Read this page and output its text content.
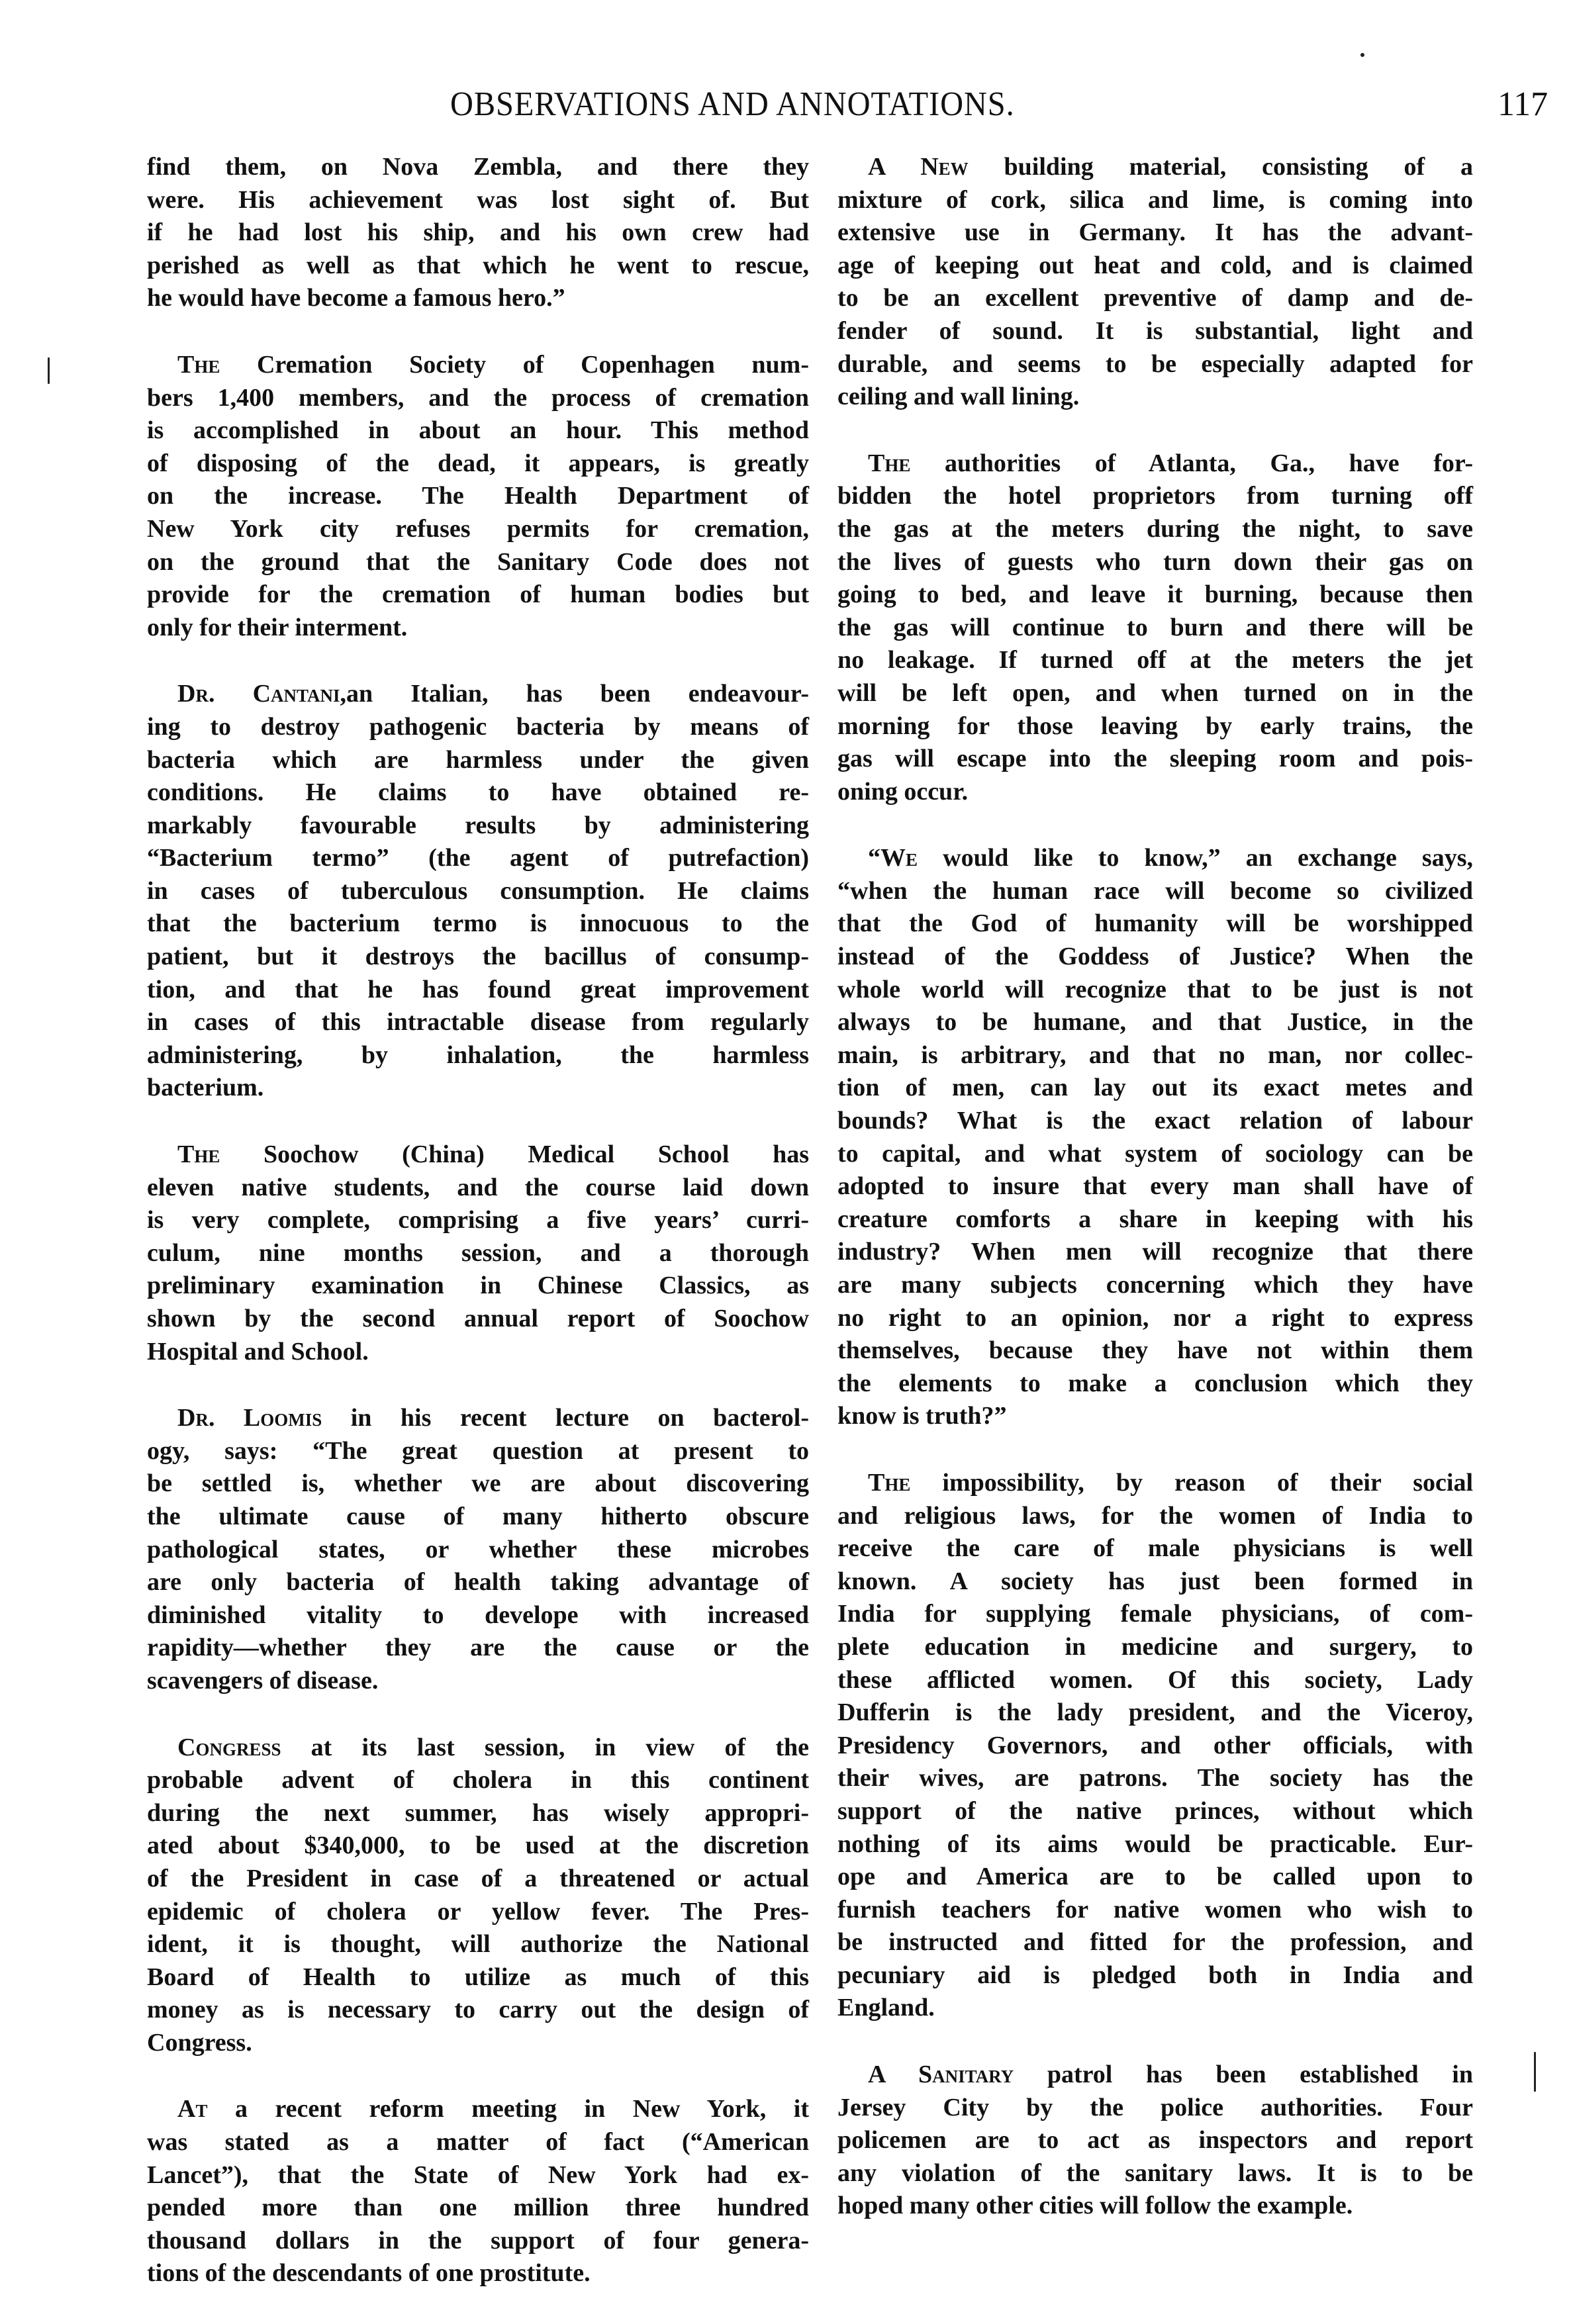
OBSERVATIONS AND ANNOTATIONS.	117
find them, on Nova Zembla, and there they
were. His achievement was lost sight of. But
if he had lost his ship, and his own crew had
perished as well as that which he went to rescue,
he would have become a famous hero.”
The Cremation Society of Copenhagen num-
bers 1,400 members, and the process of cremation
is accomplished in about an hour. This method
of disposing of the dead, it appears, is greatly
on the increase. The Health Department of
New York city refuses permits for cremation,
on the ground that the Sanitary Code does not
provide for the cremation of human bodies but
only for their interment.
Dr. Cantani,an Italian, has been endeavour-
ing to destroy pathogenic bacteria by means of
bacteria which are harmless under the given
conditions. He claims to have obtained re-
markably favourable results by administering
“Bacterium termo” (the agent of putrefaction)
in cases of tuberculous consumption. He claims
that the bacterium termo is innocuous to the
patient, but it destroys the bacillus of consump-
tion, and that he has found great improvement
in cases of this intractable disease from regularly
administering, by inhalation, the harmless
bacterium.
The Soochow (China) Medical School has
eleven native students, and the course laid down
is very complete, comprising a five years’ curri-
culum, nine months session, and a thorough
preliminary examination in Chinese Classics, as
shown by the second annual report of Soochow
Hospital and School.
Dr. Loomis in his recent lecture on bacterol-
ogy, says: “The great question at present to
be settled is, whether we are about discovering
the ultimate cause of many hitherto obscure
pathological states, or whether these microbes
are only bacteria of health taking advantage of
diminished vitality to develope with increased
rapidity—whether they are the cause or the
scavengers of disease.
Congress at its last session, in view of the
probable advent of cholera in this continent
during the next summer, has wisely appropri-
ated about $340,000, to be used at the discretion
of the President in case of a threatened or actual
epidemic of cholera or yellow fever. The Pres-
ident, it is thought, will authorize the National
Board of Health to utilize as much of this
money as is necessary to carry out the design of
Congress.
At a recent reform meeting in New York, it
was stated as a matter of fact (“American
Lancet”), that the State of New York had ex-
pended more than one million three hundred
thousand dollars in the support of four genera-
tions of the descendants of one prostitute.
A New building material, consisting of a
mixture of cork, silica and lime, is coming into
extensive use in Germany. It has the advant-
age of keeping out heat and cold, and is claimed
to be an excellent preventive of damp and de-
fender of sound. It is substantial, light and
durable, and seems to be especially adapted for
ceiling and wall lining.
The authorities of Atlanta, Ga., have for-
bidden the hotel proprietors from turning off
the gas at the meters during the night, to save
the lives of guests who turn down their gas on
going to bed, and leave it burning, because then
the gas will continue to burn and there will be
no leakage. If turned off at the meters the jet
will be left open, and when turned on in the
morning for those leaving by early trains, the
gas will escape into the sleeping room and pois-
oning occur.
“We would like to know,” an exchange says,
“when the human race will become so civilized
that the God of humanity will be worshipped
instead of the Goddess of Justice? When the
whole world will recognize that to be just is not
always to be humane, and that Justice, in the
main, is arbitrary, and that no man, nor collec-
tion of men, can lay out its exact metes and
bounds? What is the exact relation of labour
to capital, and what system of sociology can be
adopted to insure that every man shall have of
creature comforts a share in keeping with his
industry? When men will recognize that there
are many subjects concerning which they have
no right to an opinion, nor a right to express
themselves, because they have not within them
the elements to make a conclusion which they
know is truth?”
The impossibility, by reason of their social
and religious laws, for the women of India to
receive the care of male physicians is well
known. A society has just been formed in
India for supplying female physicians, of com-
plete education in medicine and surgery, to
these afflicted women. Of this society, Lady
Dufferin is the lady president, and the Viceroy,
Presidency Governors, and other officials, with
their wives, are patrons. The society has the
support of the native princes, without which
nothing of its aims would be practicable. Eur-
ope and America are to be called upon to
furnish teachers for native women who wish to
be instructed and fitted for the profession, and
pecuniary aid is pledged both in India and
England.
A Sanitary patrol has been established in
Jersey City by the police authorities. Four
policemen are to act as inspectors and report
any violation of the sanitary laws. It is to be
hoped many other cities will follow the example.
